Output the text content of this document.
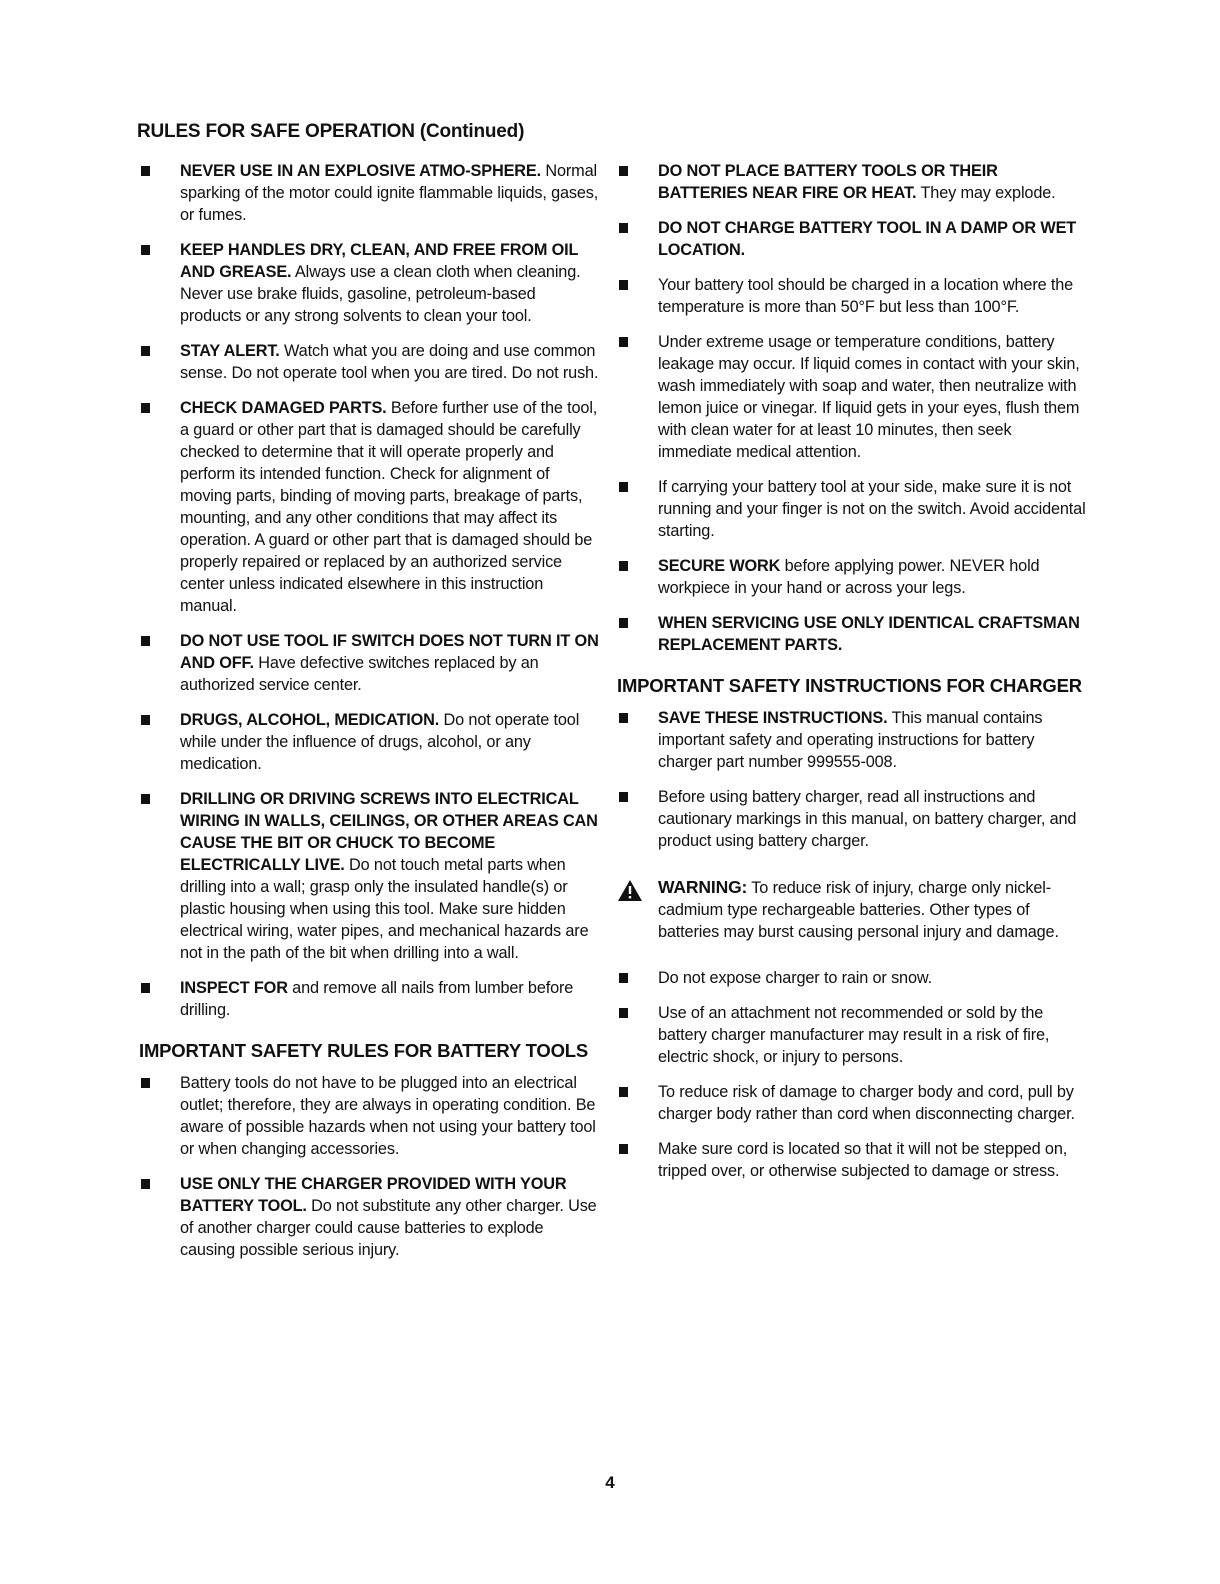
RULES FOR SAFE OPERATION (Continued)
NEVER USE IN AN EXPLOSIVE ATMO-SPHERE. Normal sparking of the motor could ignite flammable liquids, gases, or fumes.
KEEP HANDLES DRY, CLEAN, AND FREE FROM OIL AND GREASE. Always use a clean cloth when cleaning. Never use brake fluids, gasoline, petroleum-based products or any strong solvents to clean your tool.
STAY ALERT. Watch what you are doing and use common sense. Do not operate tool when you are tired. Do not rush.
CHECK DAMAGED PARTS. Before further use of the tool, a guard or other part that is damaged should be carefully checked to determine that it will operate properly and perform its intended function. Check for alignment of moving parts, binding of moving parts, breakage of parts, mounting, and any other conditions that may affect its operation. A guard or other part that is damaged should be properly repaired or replaced by an authorized service center unless indicated elsewhere in this instruction manual.
DO NOT USE TOOL IF SWITCH DOES NOT TURN IT ON AND OFF. Have defective switches replaced by an authorized service center.
DRUGS, ALCOHOL, MEDICATION. Do not operate tool while under the influence of drugs, alcohol, or any medication.
DRILLING OR DRIVING SCREWS INTO ELECTRICAL WIRING IN WALLS, CEILINGS, OR OTHER AREAS CAN CAUSE THE BIT OR CHUCK TO BECOME ELECTRICALLY LIVE. Do not touch metal parts when drilling into a wall; grasp only the insulated handle(s) or plastic housing when using this tool. Make sure hidden electrical wiring, water pipes, and mechanical hazards are not in the path of the bit when drilling into a wall.
INSPECT FOR and remove all nails from lumber before drilling.
IMPORTANT SAFETY RULES FOR BATTERY TOOLS
Battery tools do not have to be plugged into an electrical outlet; therefore, they are always in operating condition. Be aware of possible hazards when not using your battery tool or when changing accessories.
USE ONLY THE CHARGER PROVIDED WITH YOUR BATTERY TOOL. Do not substitute any other charger. Use of another charger could cause batteries to explode causing possible serious injury.
DO NOT PLACE BATTERY TOOLS OR THEIR BATTERIES NEAR FIRE OR HEAT. They may explode.
DO NOT CHARGE BATTERY TOOL IN A DAMP OR WET LOCATION.
Your battery tool should be charged in a location where the temperature is more than 50°F but less than 100°F.
Under extreme usage or temperature conditions, battery leakage may occur. If liquid comes in contact with your skin, wash immediately with soap and water, then neutralize with lemon juice or vinegar. If liquid gets in your eyes, flush them with clean water for at least 10 minutes, then seek immediate medical attention.
If carrying your battery tool at your side, make sure it is not running and your finger is not on the switch. Avoid accidental starting.
SECURE WORK before applying power. NEVER hold workpiece in your hand or across your legs.
WHEN SERVICING USE ONLY IDENTICAL CRAFTSMAN REPLACEMENT PARTS.
IMPORTANT SAFETY INSTRUCTIONS FOR CHARGER
SAVE THESE INSTRUCTIONS. This manual contains important safety and operating instructions for battery charger part number 999555-008.
Before using battery charger, read all instructions and cautionary markings in this manual, on battery charger, and product using battery charger.
WARNING: To reduce risk of injury, charge only nickel-cadmium type rechargeable batteries. Other types of batteries may burst causing personal injury and damage.
Do not expose charger to rain or snow.
Use of an attachment not recommended or sold by the battery charger manufacturer may result in a risk of fire, electric shock, or injury to persons.
To reduce risk of damage to charger body and cord, pull by charger body rather than cord when disconnecting charger.
Make sure cord is located so that it will not be stepped on, tripped over, or otherwise subjected to damage or stress.
4
